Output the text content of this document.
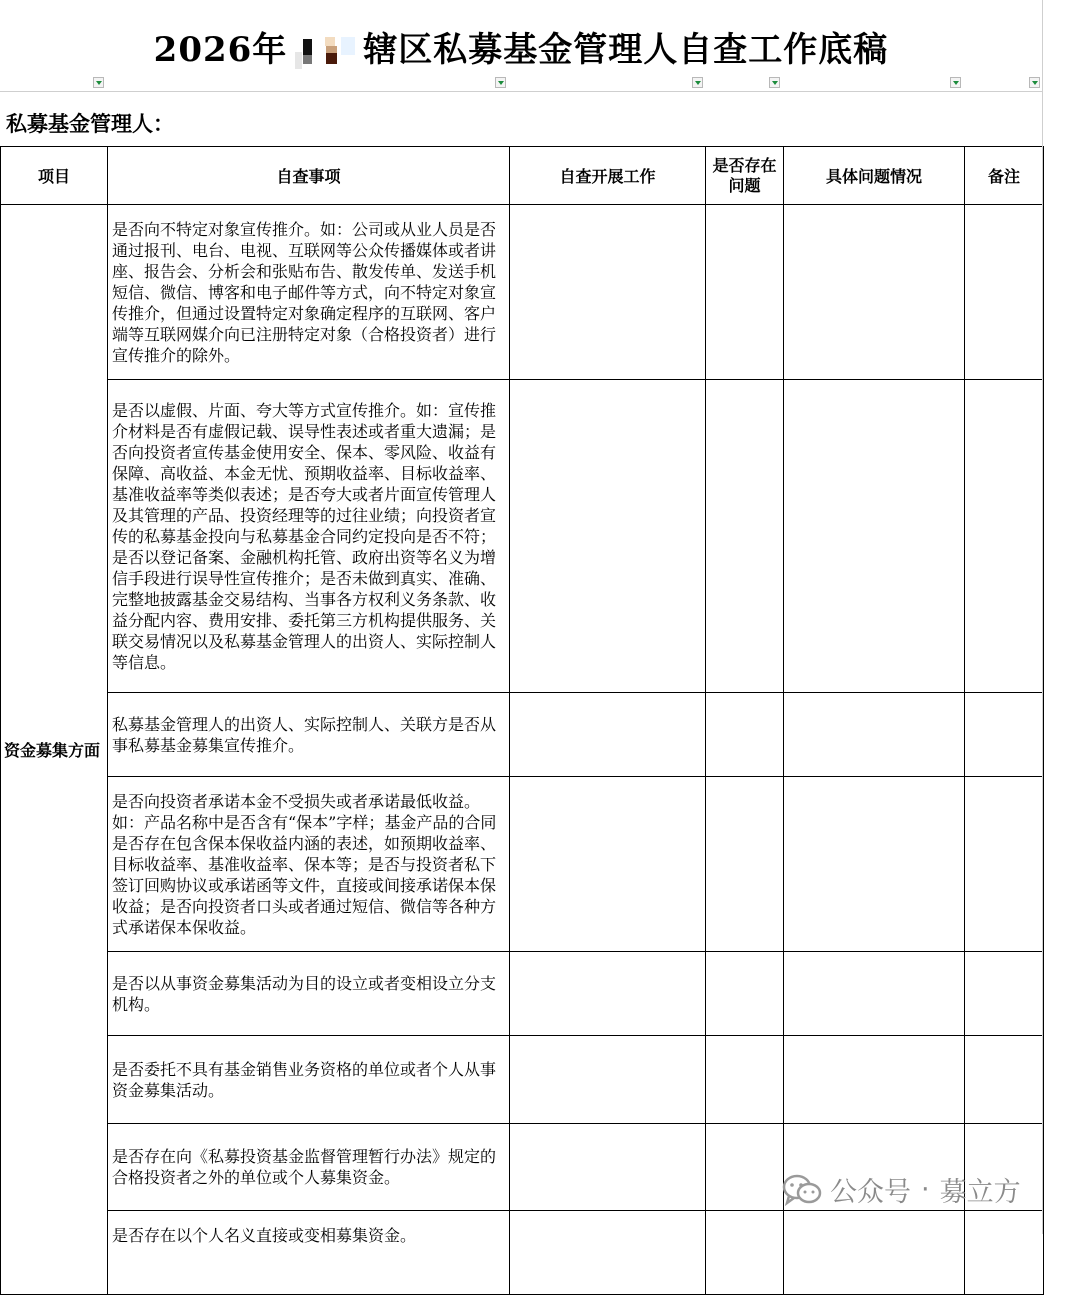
2026年 辖区私募基金管理人自查工作底稿
私募基金管理人：
项目	自查事项	自查开展工作	是否存在问题	具体问题情况	备注
资金募集方面	是否向不特定对象宣传推介。如：公司或从业人员是否通过报刊、电台、电视、互联网等公众传播媒体或者讲座、报告会、分析会和张贴布告、散发传单、发送手机短信、微信、博客和电子邮件等方式，向不特定对象宣传推介，但通过设置特定对象确定程序的互联网、客户端等互联网媒介向已注册特定对象（合格投资者）进行宣传推介的除外。				
	是否以虚假、片面、夸大等方式宣传推介。如：宣传推介材料是否有虚假记载、误导性表述或者重大遗漏；是否向投资者宣传基金使用安全、保本、零风险、收益有保障、高收益、本金无忧、预期收益率、目标收益率、基准收益率等类似表述；是否夸大或者片面宣传管理人及其管理的产品、投资经理等的过往业绩；向投资者宣传的私募基金投向与私募基金合同约定投向是否不符；是否以登记备案、金融机构托管、政府出资等名义为增信手段进行误导性宣传推介；是否未做到真实、准确、完整地披露基金交易结构、当事各方权利义务条款、收益分配内容、费用安排、委托第三方机构提供服务、关联交易情况以及私募基金管理人的出资人、实际控制人等信息。				
	私募基金管理人的出资人、实际控制人、关联方是否从事私募基金募集宣传推介。				
	是否向投资者承诺本金不受损失或者承诺最低收益。如：产品名称中是否含有“保本”字样；基金产品的合同是否存在包含保本保收益内涵的表述，如预期收益率、目标收益率、基准收益率、保本等；是否与投资者私下签订回购协议或承诺函等文件，直接或间接承诺保本保收益；是否向投资者口头或者通过短信、微信等各种方式承诺保本保收益。				
	是否以从事资金募集活动为目的设立或者变相设立分支机构。				
	是否委托不具有基金销售业务资格的单位或者个人从事资金募集活动。				
	是否存在向《私募投资基金监督管理暂行办法》规定的合格投资者之外的单位或个人募集资金。				
	是否存在以个人名义直接或变相募集资金。				
公众号 · 募立方
